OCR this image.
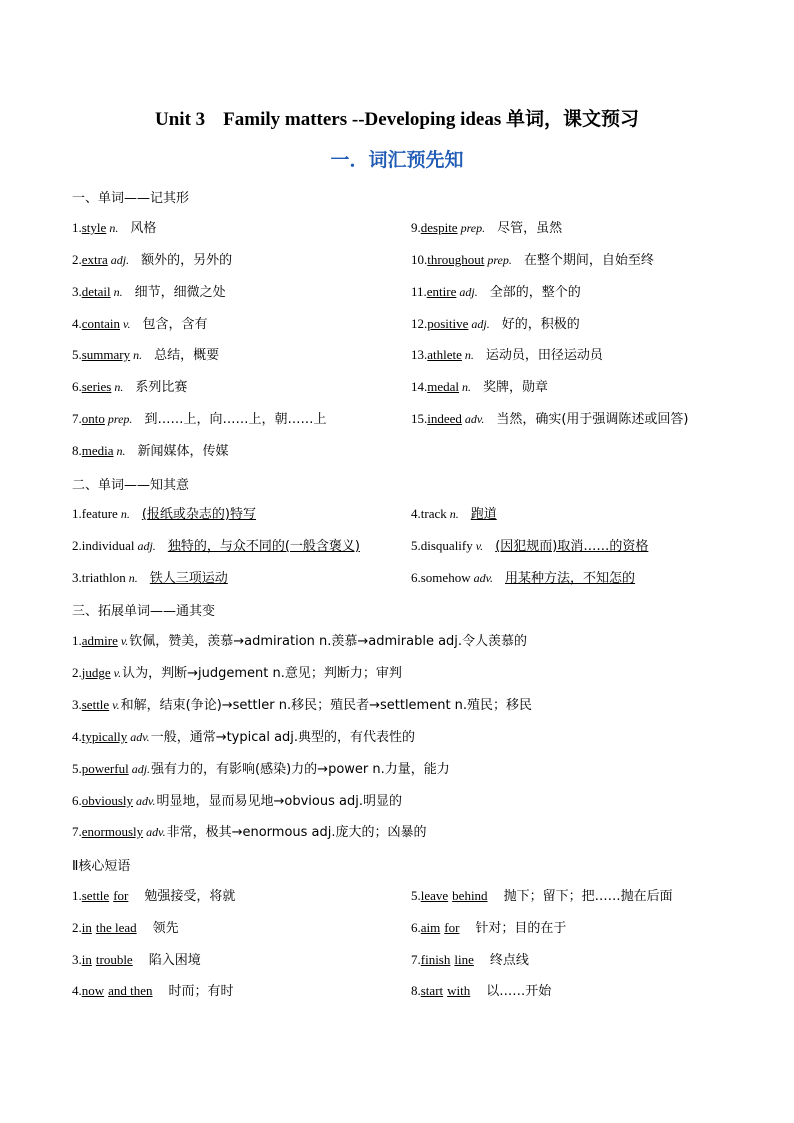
Unit 3 Family matters --Developing ideas 单词，课文预习
一．词汇预先知
一、单词——记其形
1.style n. 风格
2.extra adj. 额外的，另外的
3.detail n. 细节，细微之处
4.contain v. 包含，含有
5.summary n. 总结，概要
6.series n. 系列比赛
7.onto prep. 到……上，向……上，朝……上
8.media n. 新闻媒体，传媒
9.despite prep. 尽管，虽然
10.throughout prep. 在整个期间，自始至终
11.entire adj. 全部的，整个的
12.positive adj. 好的，积极的
13.athlete n. 运动员，田径运动员
14.medal n. 奖牌，勋章
15.indeed adv. 当然，确实(用于强调陈述或回答)
二、单词——知其意
1.feature n. (报纸或杂志的)特写
2.individual adj. 独特的，与众不同的(一般含褒义)
3.triathlon n. 铁人三项运动
4.track n. 跑道
5.disqualify v. (因犯规而)取消……的资格
6.somehow adv. 用某种方法，不知怎的
三、拓展单词——通其变
1.admire v.钦佩，赞美，羡慕→admiration n.羡慕→admirable adj.令人羡慕的
2.judge v.认为，判断→judgement n.意见；判断力；审判
3.settle v.和解，结束(争论)→settler n.移民；殖民者→settlement n.殖民；移民
4.typically adv.一般，通常→typical adj.典型的，有代表性的
5.powerful adj.强有力的，有影响(感染)力的→power n.力量，能力
6.obviously adv.明显地，显而易见地→obvious adj.明显的
7.enormously adv.非常，极其→enormous adj.庞大的；凶暴的
Ⅱ核心短语
1.settle for 勉强接受，将就
2.in the lead 领先
3.in trouble 陷入困境
4.now and then 时而；有时
5.leave behind 抛下；留下；把……抛在后面
6.aim for 针对；目的在于
7.finish line 终点线
8.start with 以……开始
